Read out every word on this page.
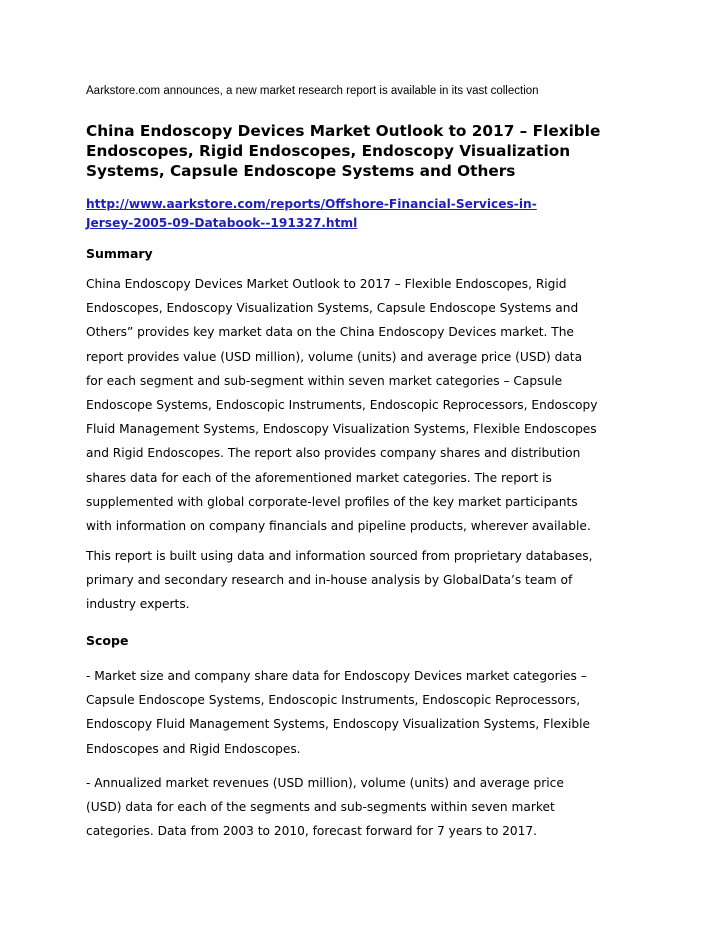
Aarkstore.com announces, a new market research report is available in its vast collection
China Endoscopy Devices Market Outlook to 2017 – Flexible
Endoscopes, Rigid Endoscopes, Endoscopy Visualization
Systems, Capsule Endoscope Systems and Others
http://www.aarkstore.com/reports/Offshore-Financial-Services-in-
Jersey-2005-09-Databook--191327.html
Summary

China Endoscopy Devices Market Outlook to 2017 – Flexible Endoscopes, Rigid
Endoscopes, Endoscopy Visualization Systems, Capsule Endoscope Systems and
Others” provides key market data on the China Endoscopy Devices market. The
report provides value (USD million), volume (units) and average price (USD) data
for each segment and sub-segment within seven market categories – Capsule
Endoscope Systems, Endoscopic Instruments, Endoscopic Reprocessors, Endoscopy
Fluid Management Systems, Endoscopy Visualization Systems, Flexible Endoscopes
and Rigid Endoscopes. The report also provides company shares and distribution
shares data for each of the aforementioned market categories. The report is
supplemented with global corporate-level profiles of the key market participants
with information on company financials and pipeline products, wherever available.

This report is built using data and information sourced from proprietary databases,
primary and secondary research and in-house analysis by GlobalData’s team of
industry experts.

Scope

- Market size and company share data for Endoscopy Devices market categories –
Capsule Endoscope Systems, Endoscopic Instruments, Endoscopic Reprocessors,
Endoscopy Fluid Management Systems, Endoscopy Visualization Systems, Flexible
Endoscopes and Rigid Endoscopes.

- Annualized market revenues (USD million), volume (units) and average price
(USD) data for each of the segments and sub-segments within seven market
categories. Data from 2003 to 2010, forecast forward for 7 years to 2017.
